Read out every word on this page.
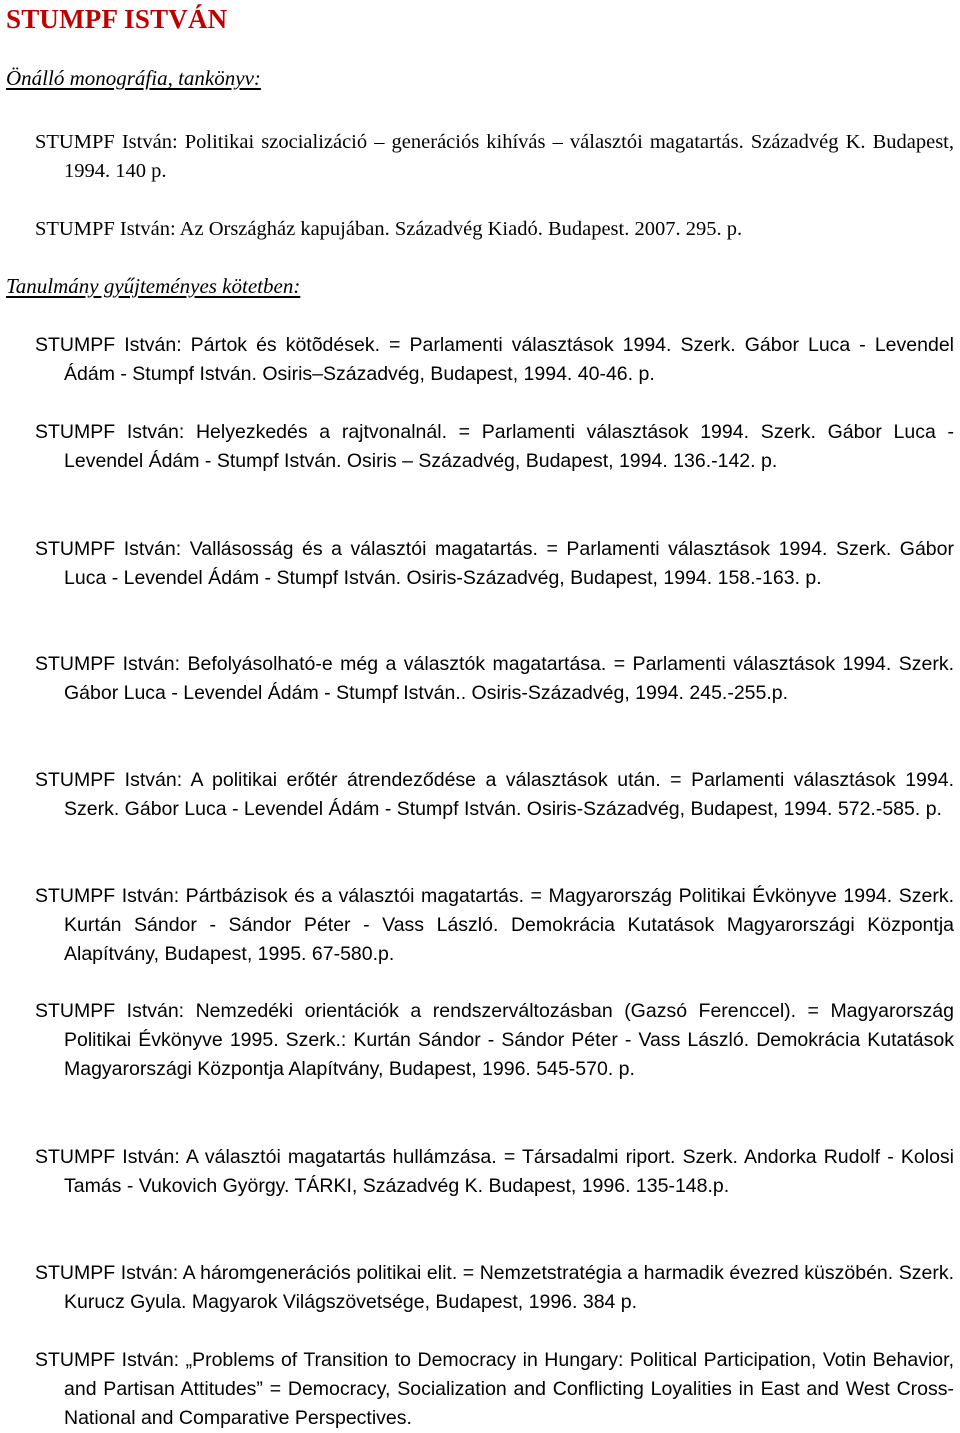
STUMPF ISTVÁN

Önálló monográfia, tankönyv:

STUMPF István: Politikai szocializáció – generációs kihívás – választói magatartás. Századvég K. Budapest, 1994. 140 p.

STUMPF István: Az Országház kapujában. Századvég Kiadó. Budapest. 2007. 295. p.

Tanulmány gyűjteményes kötetben:

STUMPF István: Pártok és kötõdések. = Parlamenti választások 1994. Szerk. Gábor Luca - Levendel Ádám - Stumpf István. Osiris–Századvég, Budapest, 1994. 40-46. p.

STUMPF István: Helyezkedés a rajtvonalnál. = Parlamenti választások 1994. Szerk. Gábor Luca - Levendel Ádám - Stumpf István. Osiris – Századvég, Budapest, 1994. 136.-142. p.

STUMPF István: Vallásosság és a választói magatartás. = Parlamenti választások 1994. Szerk. Gábor Luca - Levendel Ádám - Stumpf István. Osiris-Századvég, Budapest, 1994. 158.-163. p.

STUMPF István: Befolyásolható-e még a választók magatartása. = Parlamenti választások 1994. Szerk. Gábor Luca - Levendel Ádám - Stumpf István.. Osiris-Századvég, 1994. 245.-255.p.

STUMPF István: A politikai erőtér átrendeződése a választások után. = Parlamenti választások 1994. Szerk. Gábor Luca - Levendel Ádám - Stumpf István. Osiris-Századvég, Budapest, 1994. 572.-585. p.

STUMPF István: Pártbázisok és a választói magatartás. = Magyarország Politikai Évkönyve 1994. Szerk. Kurtán Sándor - Sándor Péter - Vass László. Demokrácia Kutatások Magyarországi Központja Alapítvány, Budapest, 1995. 67-580.p.

STUMPF István: Nemzedéki orientációk a rendszerváltozásban (Gazsó Ferenccel). = Magyarország Politikai Évkönyve 1995. Szerk.: Kurtán Sándor - Sándor Péter - Vass László. Demokrácia Kutatások Magyarországi Központja Alapítvány, Budapest, 1996. 545-570. p.

STUMPF István: A választói magatartás hullámzása. = Társadalmi riport. Szerk. Andorka Rudolf - Kolosi Tamás - Vukovich György. TÁRKI, Századvég K. Budapest, 1996. 135-148.p.

STUMPF István: A háromgenerációs politikai elit. = Nemzetstratégia a harmadik évezred küszöbén. Szerk. Kurucz Gyula. Magyarok Világszövetsége, Budapest, 1996. 384 p.

STUMPF István: „Problems of Transition to Democracy in Hungary: Political Participation, Votin Behavior, and Partisan Attitudes” = Democracy, Socialization and Conflicting Loyalities in East and West Cross-National and Comparative Perspectives.
